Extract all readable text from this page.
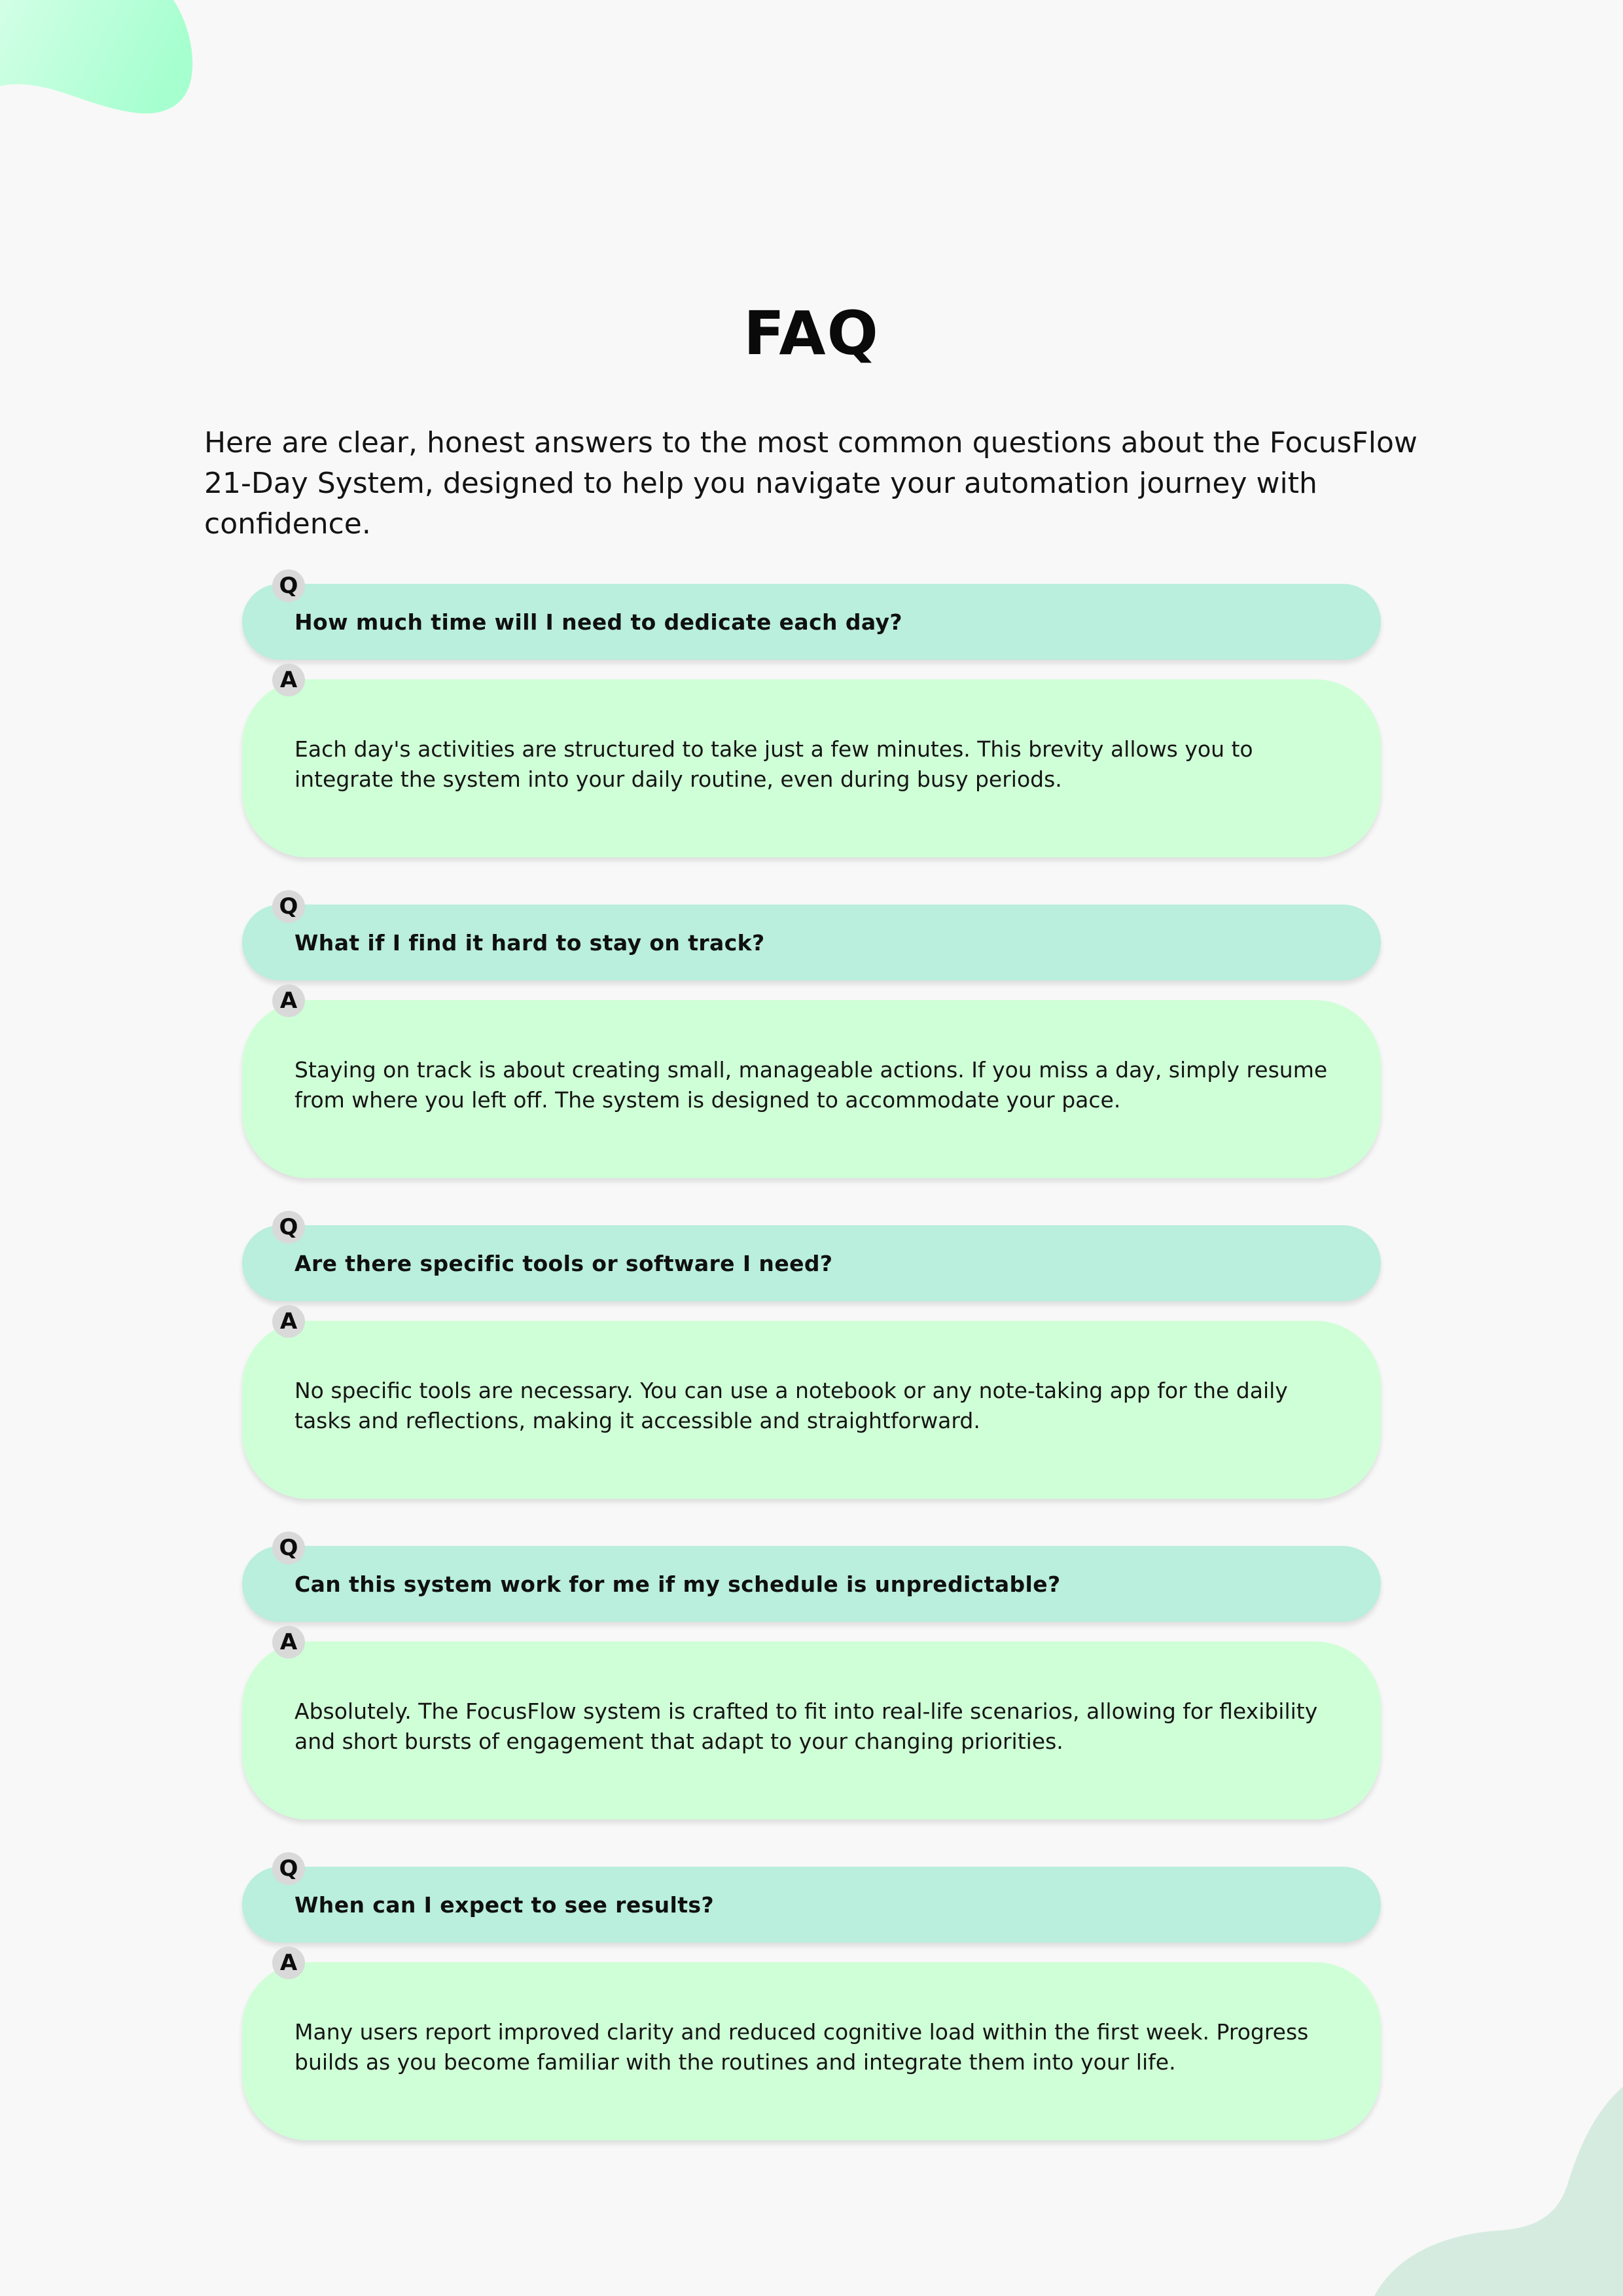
FAQ

Here are clear, honest answers to the most common questions about the FocusFlow 21-Day System, designed to help you navigate your automation journey with confidence.

Q
How much time will I need to dedicate each day?
A

Each day's activities are structured to take just a few minutes. This brevity allows you to integrate the system into your daily routine, even during busy periods.

Q
What if I find it hard to stay on track?
A

Staying on track is about creating small, manageable actions. If you miss a day, simply resume from where you left off. The system is designed to accommodate your pace.

Q
Are there specific tools or software I need?
A

No specific tools are necessary. You can use a notebook or any note-taking app for the daily tasks and reflections, making it accessible and straightforward.

Q
Can this system work for me if my schedule is unpredictable?
A

Absolutely. The FocusFlow system is crafted to fit into real-life scenarios, allowing for flexibility and short bursts of engagement that adapt to your changing priorities.

Q
When can I expect to see results?
A

Many users report improved clarity and reduced cognitive load within the first week. Progress builds as you become familiar with the routines and integrate them into your life.
